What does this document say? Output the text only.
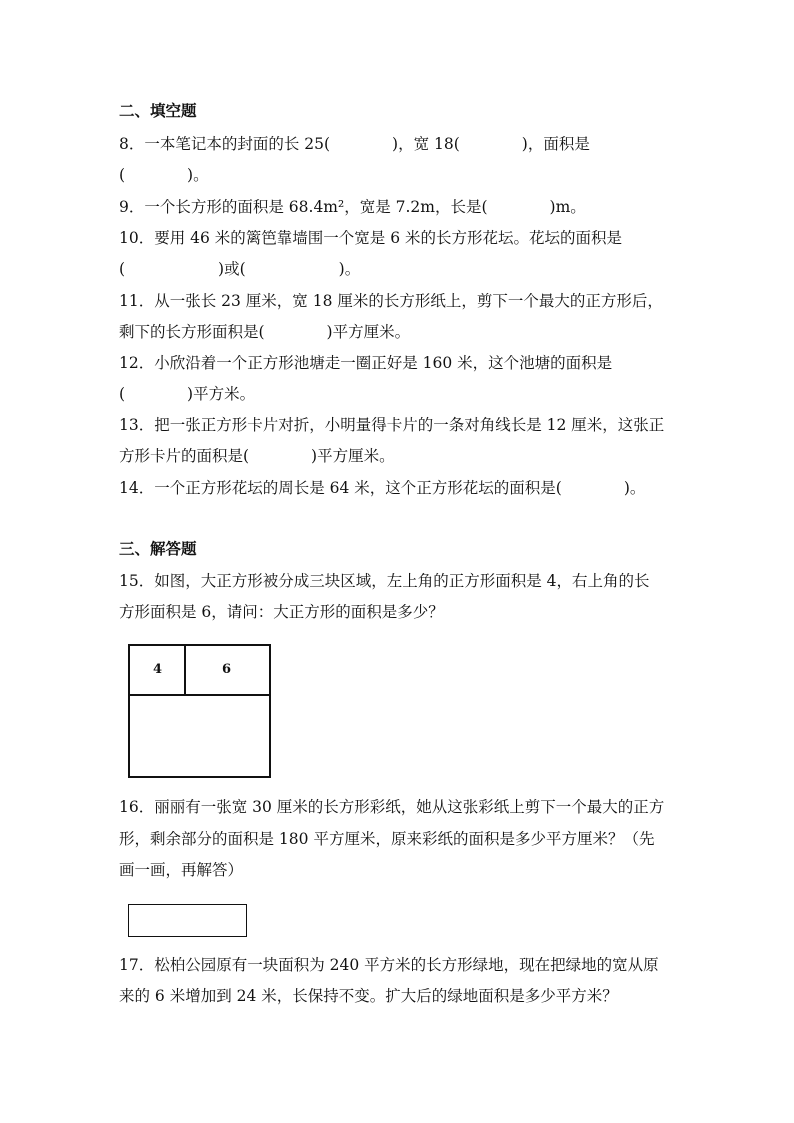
二、填空题
8．一本笔记本的封面的长 25(　　　　)，宽 18(　　　　)，面积是
(　　　　)。
9．一个长方形的面积是 68.4m²，宽是 7.2m，长是(　　　　)m。
10．要用 46 米的篱笆靠墙围一个宽是 6 米的长方形花坛。花坛的面积是
(　　　　　　)或(　　　　　　)。
11．从一张长 23 厘米，宽 18 厘米的长方形纸上，剪下一个最大的正方形后，
剩下的长方形面积是(　　　　)平方厘米。
12．小欣沿着一个正方形池塘走一圈正好是 160 米，这个池塘的面积是
(　　　　)平方米。
13．把一张正方形卡片对折，小明量得卡片的一条对角线长是 12 厘米，这张正
方形卡片的面积是(　　　　)平方厘米。
14．一个正方形花坛的周长是 64 米，这个正方形花坛的面积是(　　　　)。
三、解答题
15．如图，大正方形被分成三块区域，左上角的正方形面积是 4，右上角的长
方形面积是 6，请问：大正方形的面积是多少？
4	6
16．丽丽有一张宽 30 厘米的长方形彩纸，她从这张彩纸上剪下一个最大的正方
形，剩余部分的面积是 180 平方厘米，原来彩纸的面积是多少平方厘米？（先
画一画，再解答）
17．松柏公园原有一块面积为 240 平方米的长方形绿地，现在把绿地的宽从原
来的 6 米增加到 24 米，长保持不变。扩大后的绿地面积是多少平方米？
